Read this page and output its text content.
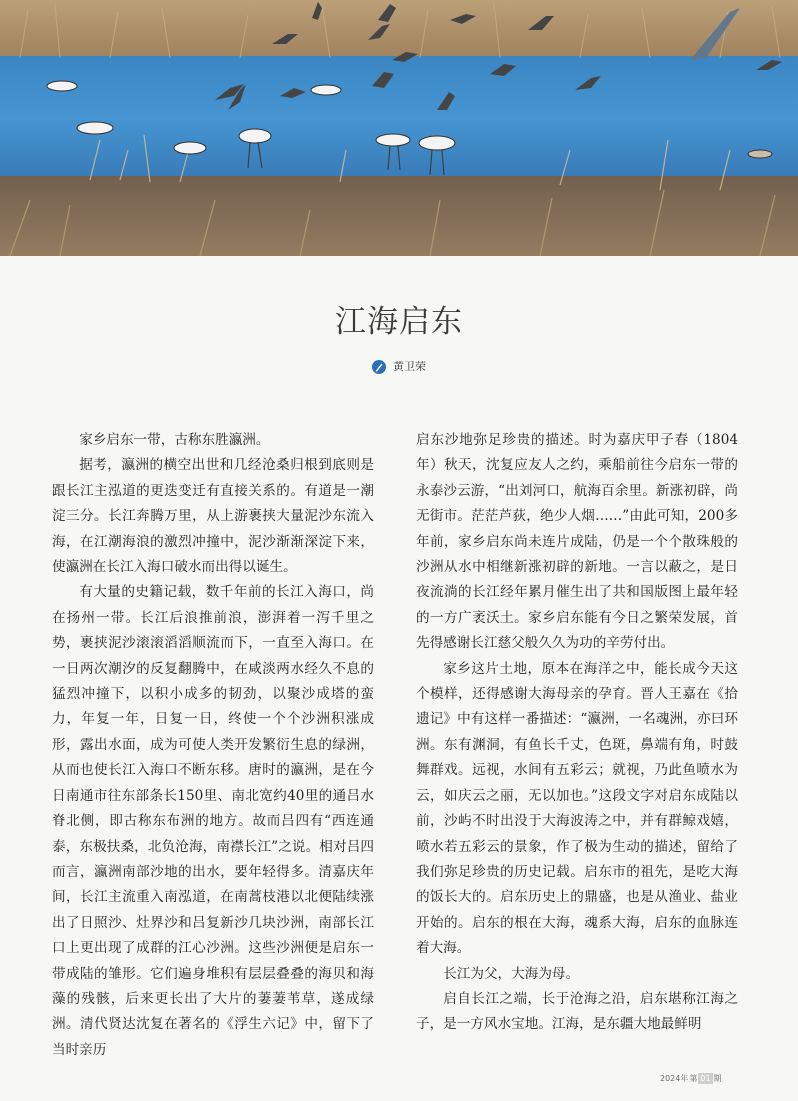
江海启东
黄卫荣

家乡启东一带，古称东胜瀛洲。

据考，瀛洲的横空出世和几经沧桑归根到底则是跟长江主泓道的更迭变迁有直接关系的。有道是一潮淀三分。长江奔腾万里，从上游裹挟大量泥沙东流入海，在江潮海浪的激烈冲撞中，泥沙渐渐深淀下来，使瀛洲在长江入海口破水而出得以诞生。

有大量的史籍记载，数千年前的长江入海口，尚在扬州一带。长江后浪推前浪，澎湃着一泻千里之势，裹挟泥沙滚滚滔滔顺流而下，一直至入海口。在一日两次潮汐的反复翻腾中，在咸淡两水经久不息的猛烈冲撞下，以积小成多的韧劲，以聚沙成塔的蛮力，年复一年，日复一日，终使一个个沙洲积涨成形，露出水面，成为可使人类开发繁衍生息的绿洲，从而也使长江入海口不断东移。唐时的瀛洲，是在今日南通市往东部条长150里、南北宽约40里的通吕水脊北侧，即古称东布洲的地方。故而吕四有“西连通泰，东极扶桑，北负沧海，南襟长江”之说。相对吕四而言，瀛洲南部沙地的出水，要年轻得多。清嘉庆年间，长江主流重入南泓道，在南蒿枝港以北便陆续涨出了日照沙、灶界沙和吕复新沙几块沙洲，南部长江口上更出现了成群的江心沙洲。这些沙洲便是启东一带成陆的雏形。它们遍身堆积有层层叠叠的海贝和海藻的残骸，后来更长出了大片的萋萋苇草，遂成绿洲。清代贤达沈复在著名的《浮生六记》中，留下了当时亲历

启东沙地弥足珍贵的描述。时为嘉庆甲子春（1804年）秋天，沈复应友人之约，乘船前往今启东一带的永泰沙云游，“出刘河口，航海百余里。新涨初辟，尚无街市。茫茫芦荻，绝少人烟……”由此可知，200多年前，家乡启东尚未连片成陆，仍是一个个散珠般的沙洲从水中相继新涨初辟的新地。一言以蔽之，是日夜流淌的长江经年累月催生出了共和国版图上最年轻的一方广袤沃土。家乡启东能有今日之繁荣发展，首先得感谢长江慈父般久久为功的辛劳付出。

家乡这片土地，原本在海洋之中，能长成今天这个模样，还得感谢大海母亲的孕育。晋人王嘉在《拾遗记》中有这样一番描述：“瀛洲，一名魂洲，亦曰环洲。东有渊洞，有鱼长千丈，色斑，鼻端有角，时鼓舞群戏。远视，水间有五彩云；就视，乃此鱼喷水为云，如庆云之丽，无以加也。”这段文字对启东成陆以前，沙屿不时出没于大海波涛之中，并有群鲸戏嬉，喷水若五彩云的景象，作了极为生动的描述，留给了我们弥足珍贵的历史记载。启东市的祖先，是吃大海的饭长大的。启东历史上的鼎盛，也是从渔业、盐业开始的。启东的根在大海，魂系大海，启东的血脉连着大海。

长江为父，大海为母。

启自长江之端，长于沧海之沿，启东堪称江海之子，是一方风水宝地。江海，是东疆大地最鲜明

2024年 第 01 期
